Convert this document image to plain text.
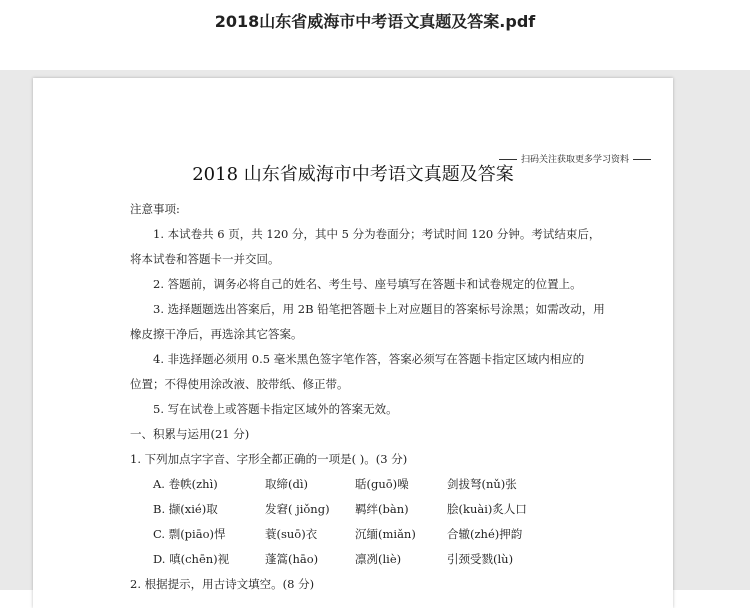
2018山东省威海市中考语文真题及答案.pdf
扫码关注获取更多学习资料
2018 山东省威海市中考语文真题及答案
注意事项:
1. 本试卷共 6 页，共 120 分，其中 5 分为卷面分；考试时间 120 分钟。考试结束后，
将本试卷和答题卡一并交回。
2. 答题前，调务必将自己的姓名、考生号、座号填写在答题卡和试卷规定的位置上。
3. 选择题题选出答案后，用 2B 铅笔把答题卡上对应题目的答案标号涂黑；如需改动，用
橡皮擦干净后，再选涂其它答案。
4. 非选择题必须用 0.5 毫米黑色签字笔作答，答案必须写在答题卡指定区域内相应的
位置；不得使用涂改液、胶带纸、修正带。
5. 写在试卷上或答题卡指定区域外的答案无效。
一、积累与运用(21 分)
1. 下列加点字字音、字形全都正确的一项是( )。(3 分)
A. 卷帙(zhì)	取缔(dì)	聒(guō)噪	剑拔弩(nǔ)张
B. 撷(xié)取	发窘( jiǒng) 羁绊(bàn)	脍(kuài)炙人口
C. 剽(piāo)悍	蓑(suō)衣	沉缅(miǎn)	合辙(zhé)押韵
D. 嗔(chēn)视	蓬篙(hāo)	凛冽(liè)	引颈受戮(lù)
2. 根据提示，用古诗文填空。(8 分)
